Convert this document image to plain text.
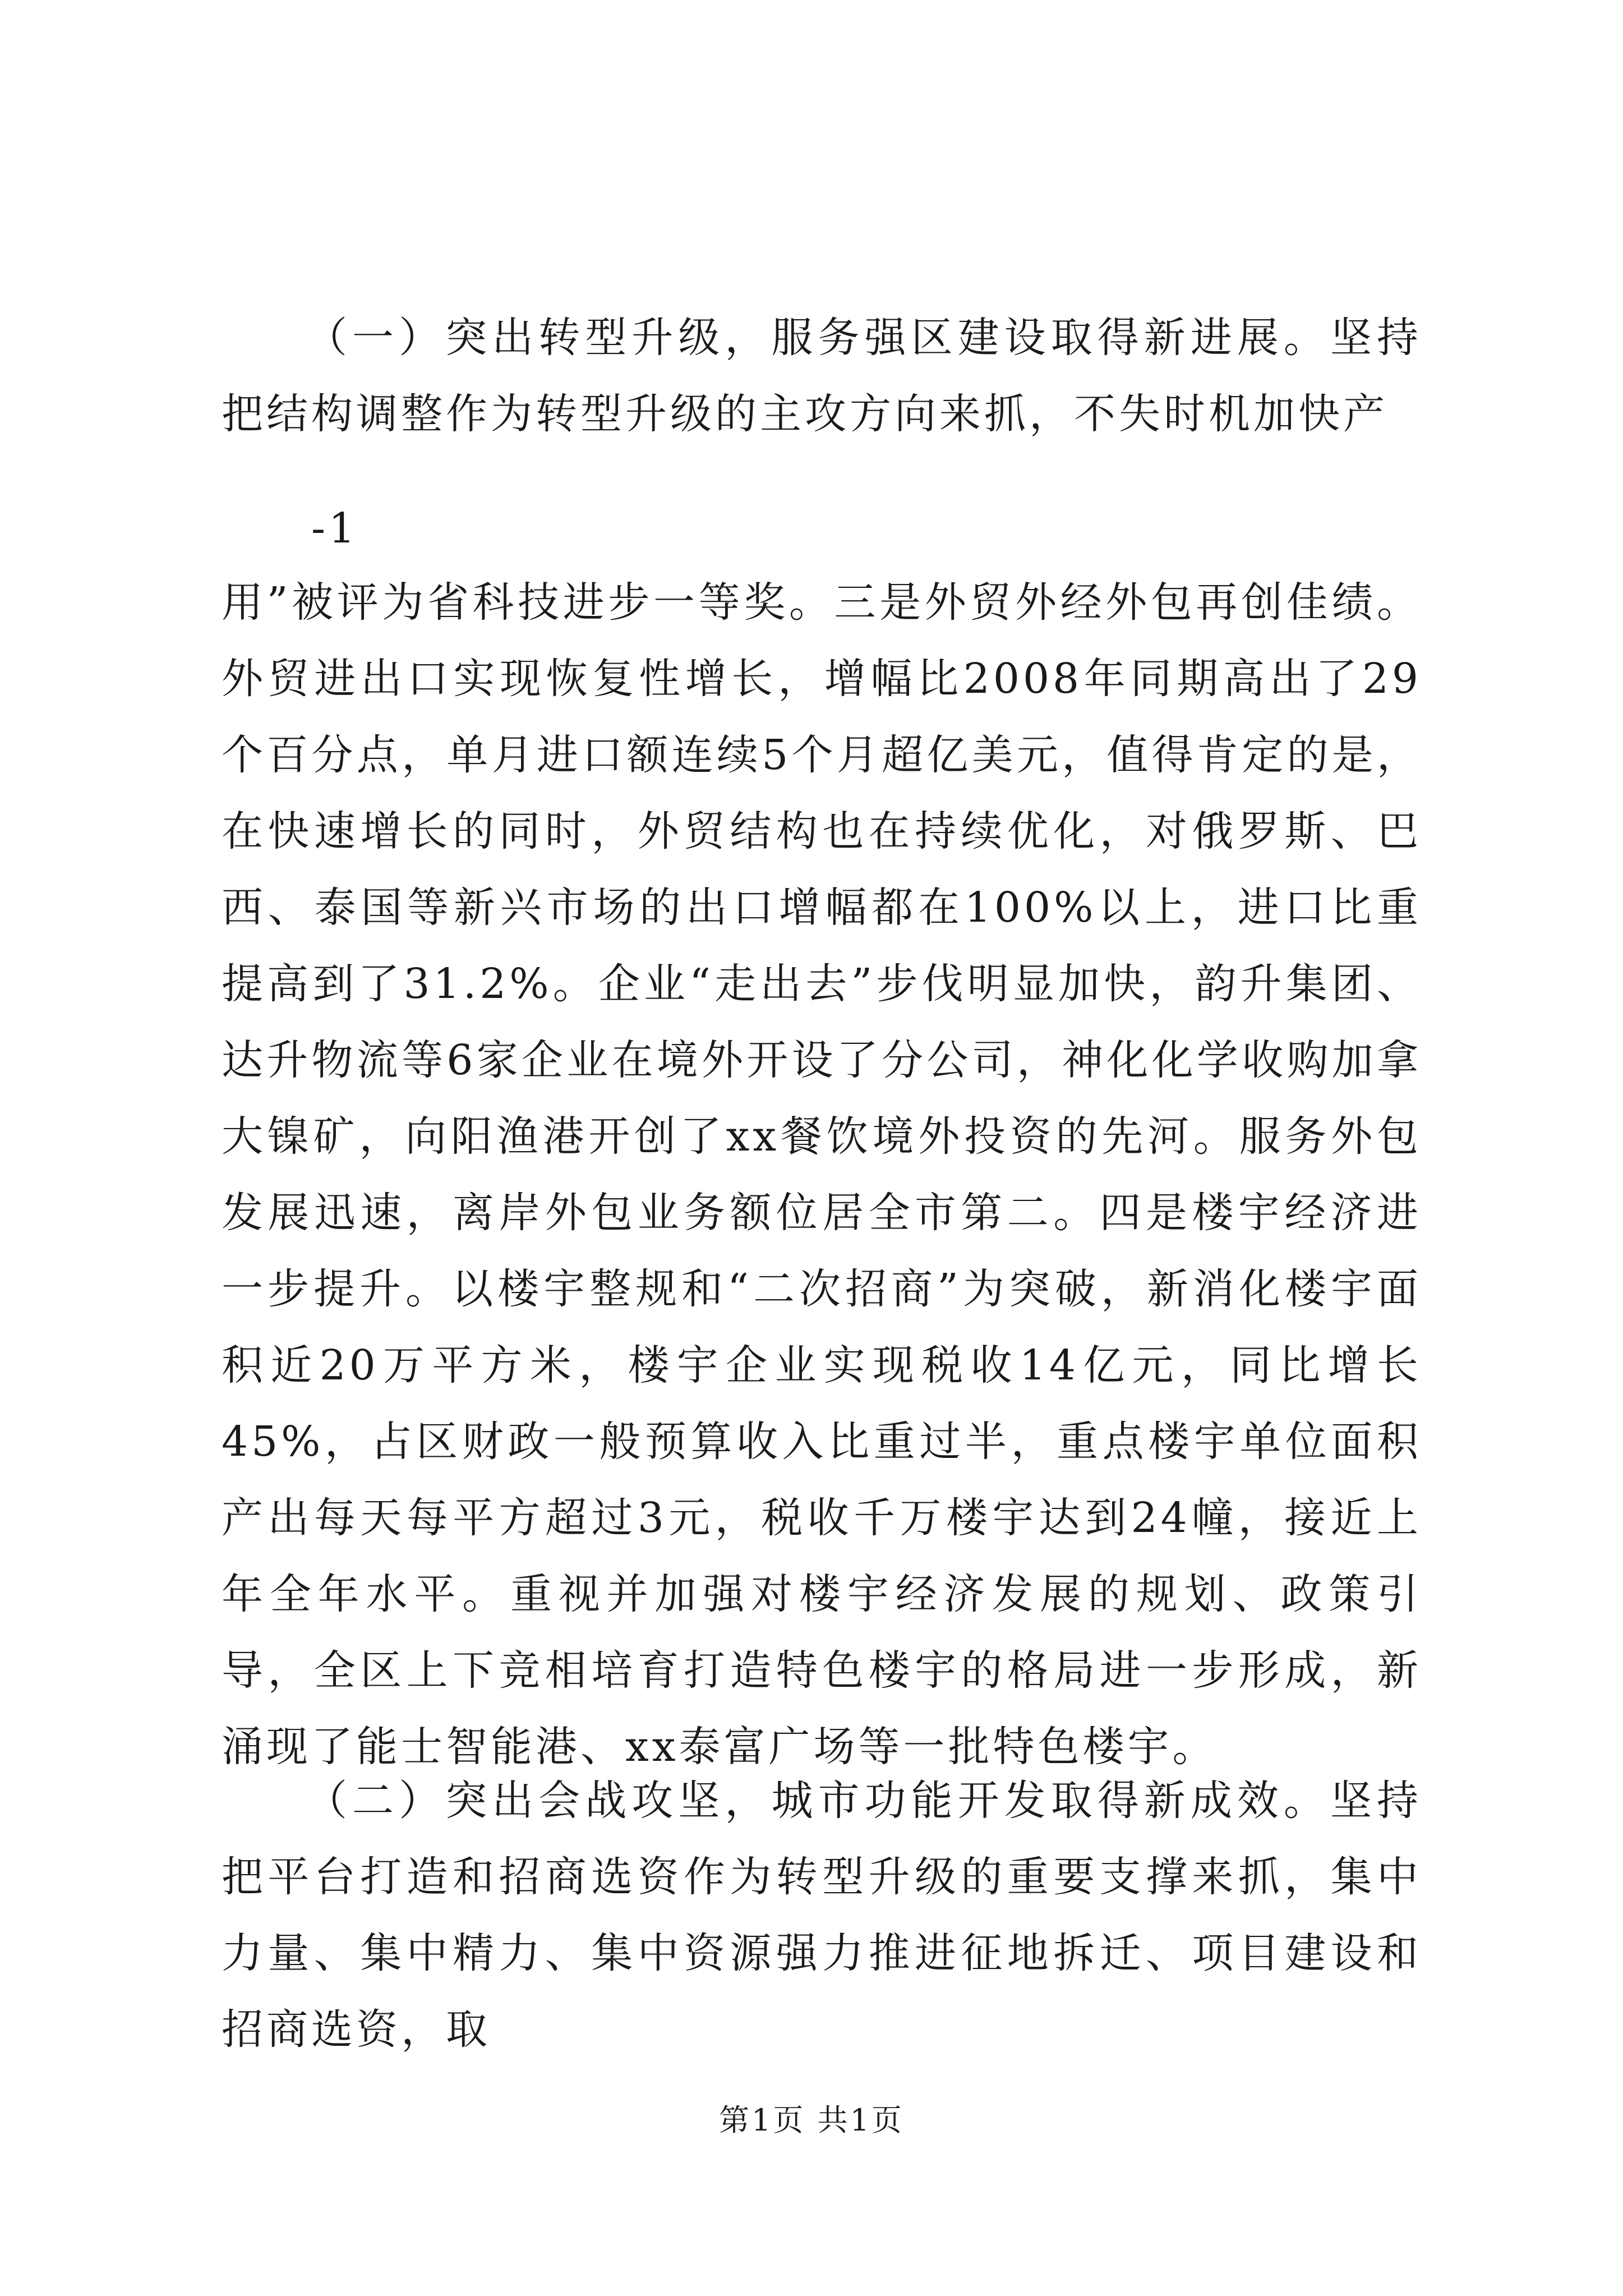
（一）突出转型升级，服务强区建设取得新进展。坚持把结构调整作为转型升级的主攻方向来抓，不失时机加快产

-1

用”被评为省科技进步一等奖。三是外贸外经外包再创佳绩。外贸进出口实现恢复性增长，增幅比2008年同期高出了29个百分点，单月进口额连续5个月超亿美元，值得肯定的是，在快速增长的同时，外贸结构也在持续优化，对俄罗斯、巴西、泰国等新兴市场的出口增幅都在100%以上，进口比重提高到了31.2%。企业“走出去”步伐明显加快，韵升集团、达升物流等6家企业在境外开设了分公司，神化化学收购加拿大镍矿，向阳渔港开创了xx餐饮境外投资的先河。服务外包发展迅速，离岸外包业务额位居全市第二。四是楼宇经济进一步提升。以楼宇整规和“二次招商”为突破，新消化楼宇面积近20万平方米，楼宇企业实现税收14亿元，同比增长45%，占区财政一般预算收入比重过半，重点楼宇单位面积产出每天每平方超过3元，税收千万楼宇达到24幢，接近上年全年水平。重视并加强对楼宇经济发展的规划、政策引导，全区上下竞相培育打造特色楼宇的格局进一步形成，新涌现了能士智能港、xx泰富广场等一批特色楼宇。

（二）突出会战攻坚，城市功能开发取得新成效。坚持把平台打造和招商选资作为转型升级的重要支撑来抓，集中力量、集中精力、集中资源强力推进征地拆迁、项目建设和招商选资，取

第1页 共1页
